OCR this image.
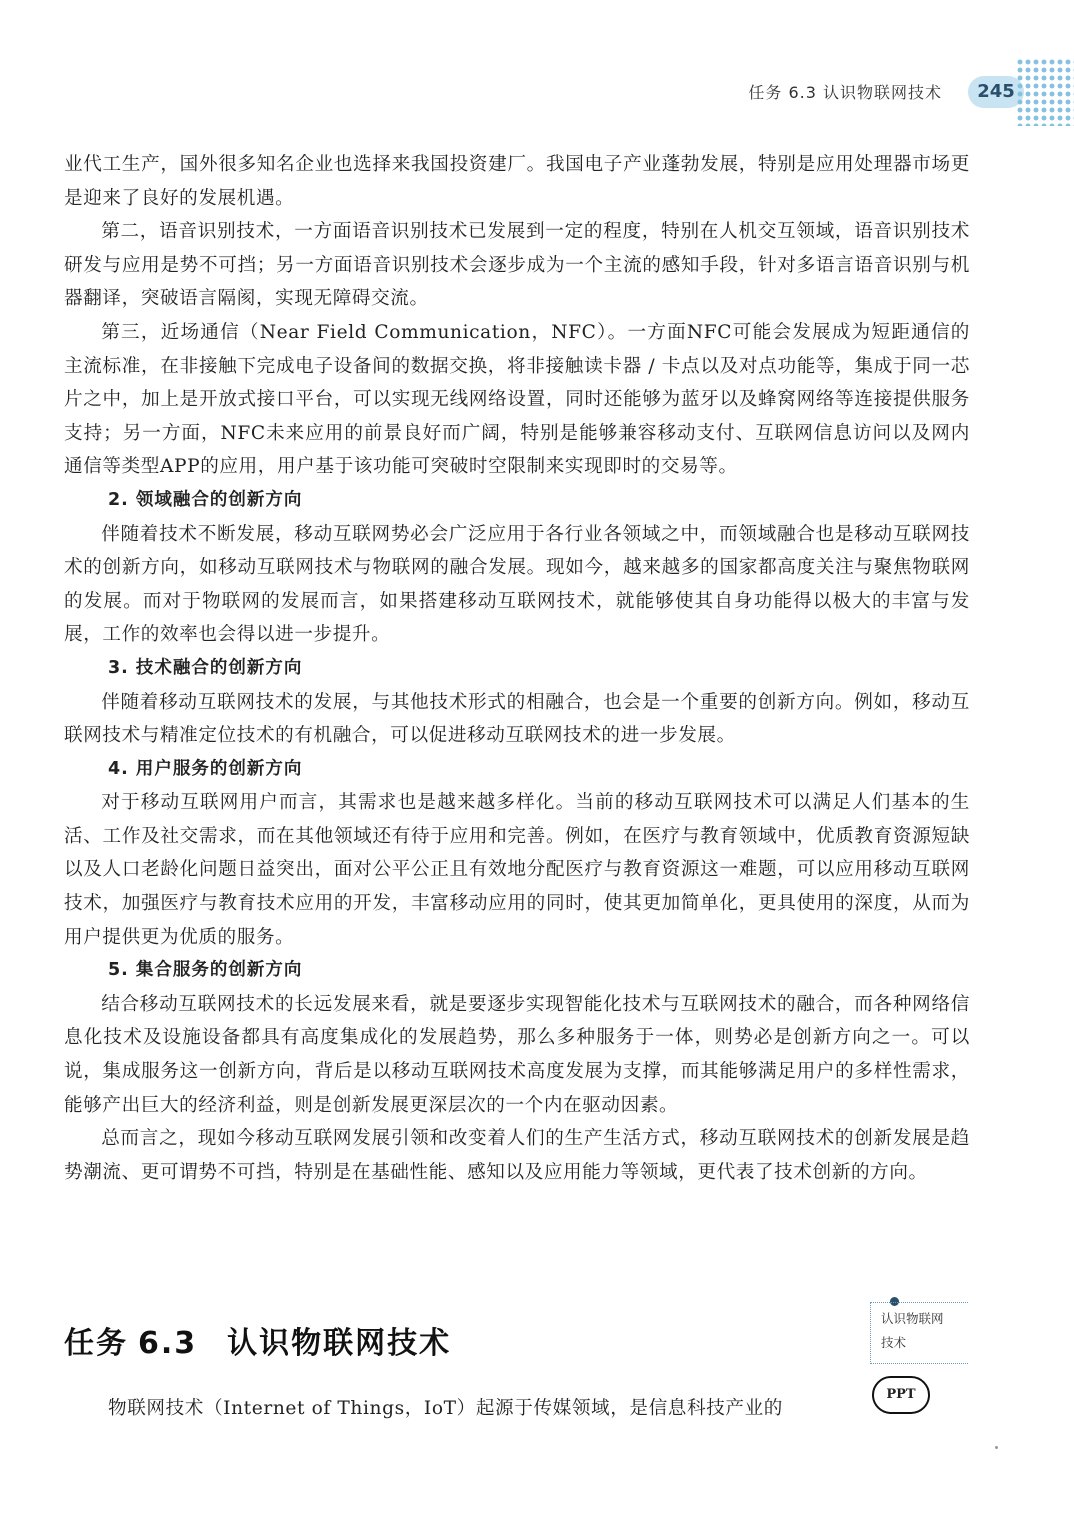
任务 6.3 认识物联网技术	245

业代工生产，国外很多知名企业也选择来我国投资建厂。我国电子产业蓬勃发展，特别是应用处理器市场更是迎来了良好的发展机遇。

第二，语音识别技术，一方面语音识别技术已发展到一定的程度，特别在人机交互领域，语音识别技术研发与应用是势不可挡；另一方面语音识别技术会逐步成为一个主流的感知手段，针对多语言语音识别与机器翻译，突破语言隔阂，实现无障碍交流。

第三，近场通信（Near Field Communication，NFC）。一方面NFC可能会发展成为短距通信的主流标准，在非接触下完成电子设备间的数据交换，将非接触读卡器 / 卡点以及对点功能等，集成于同一芯片之中，加上是开放式接口平台，可以实现无线网络设置，同时还能够为蓝牙以及蜂窝网络等连接提供服务支持；另一方面，NFC未来应用的前景良好而广阔，特别是能够兼容移动支付、互联网信息访问以及网内通信等类型APP的应用，用户基于该功能可突破时空限制来实现即时的交易等。

2. 领域融合的创新方向

伴随着技术不断发展，移动互联网势必会广泛应用于各行业各领域之中，而领域融合也是移动互联网技术的创新方向，如移动互联网技术与物联网的融合发展。现如今，越来越多的国家都高度关注与聚焦物联网的发展。而对于物联网的发展而言，如果搭建移动互联网技术，就能够使其自身功能得以极大的丰富与发展，工作的效率也会得以进一步提升。

3. 技术融合的创新方向

伴随着移动互联网技术的发展，与其他技术形式的相融合，也会是一个重要的创新方向。例如，移动互联网技术与精准定位技术的有机融合，可以促进移动互联网技术的进一步发展。

4. 用户服务的创新方向

对于移动互联网用户而言，其需求也是越来越多样化。当前的移动互联网技术可以满足人们基本的生活、工作及社交需求，而在其他领域还有待于应用和完善。例如，在医疗与教育领域中，优质教育资源短缺以及人口老龄化问题日益突出，面对公平公正且有效地分配医疗与教育资源这一难题，可以应用移动互联网技术，加强医疗与教育技术应用的开发，丰富移动应用的同时，使其更加简单化，更具使用的深度，从而为用户提供更为优质的服务。

5. 集合服务的创新方向

结合移动互联网技术的长远发展来看，就是要逐步实现智能化技术与互联网技术的融合，而各种网络信息化技术及设施设备都具有高度集成化的发展趋势，那么多种服务于一体，则势必是创新方向之一。可以说，集成服务这一创新方向，背后是以移动互联网技术高度发展为支撑，而其能够满足用户的多样性需求，能够产出巨大的经济利益，则是创新发展更深层次的一个内在驱动因素。

总而言之，现如今移动互联网发展引领和改变着人们的生产生活方式，移动互联网技术的创新发展是趋势潮流、更可谓势不可挡，特别是在基础性能、感知以及应用能力等领域，更代表了技术创新的方向。

任务 6.3 认识物联网技术
物联网技术（Internet of Things，IoT）起源于传媒领域，是信息科技产业的
认识物联网
技术
PPT
